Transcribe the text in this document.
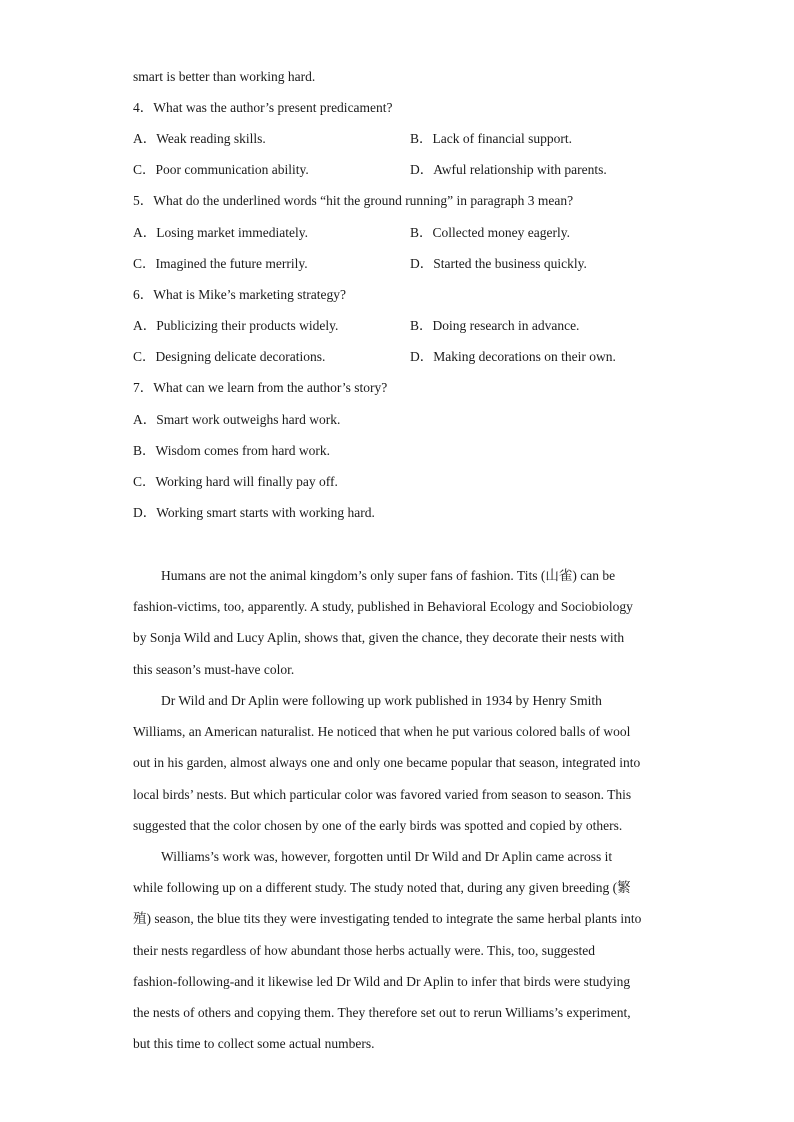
smart is better than working hard.
4．What was the author’s present predicament?
A．Weak reading skills.	B．Lack of financial support.
C．Poor communication ability.	D．Awful relationship with parents.
5．What do the underlined words “hit the ground running” in paragraph 3 mean?
A．Losing market immediately.	B．Collected money eagerly.
C．Imagined the future merrily.	D．Started the business quickly.
6．What is Mike’s marketing strategy?
A．Publicizing their products widely.	B．Doing research in advance.
C．Designing delicate decorations.	D．Making decorations on their own.
7．What can we learn from the author’s story?
A．Smart work outweighs hard work.
B．Wisdom comes from hard work.
C．Working hard will finally pay off.
D．Working smart starts with working hard.
Humans are not the animal kingdom’s only super fans of fashion. Tits (山雀) can be
fashion-victims, too, apparently. A study, published in Behavioral Ecology and Sociobiology
by Sonja Wild and Lucy Aplin, shows that, given the chance, they decorate their nests with
this season’s must-have color.
Dr Wild and Dr Aplin were following up work published in 1934 by Henry Smith
Williams, an American naturalist. He noticed that when he put various colored balls of wool
out in his garden, almost always one and only one became popular that season, integrated into
local birds’ nests. But which particular color was favored varied from season to season. This
suggested that the color chosen by one of the early birds was spotted and copied by others.
Williams’s work was, however, forgotten until Dr Wild and Dr Aplin came across it
while following up on a different study. The study noted that, during any given breeding (繁
殖) season, the blue tits they were investigating tended to integrate the same herbal plants into
their nests regardless of how abundant those herbs actually were. This, too, suggested
fashion-following-and it likewise led Dr Wild and Dr Aplin to infer that birds were studying
the nests of others and copying them. They therefore set out to rerun Williams’s experiment,
but this time to collect some actual numbers.
